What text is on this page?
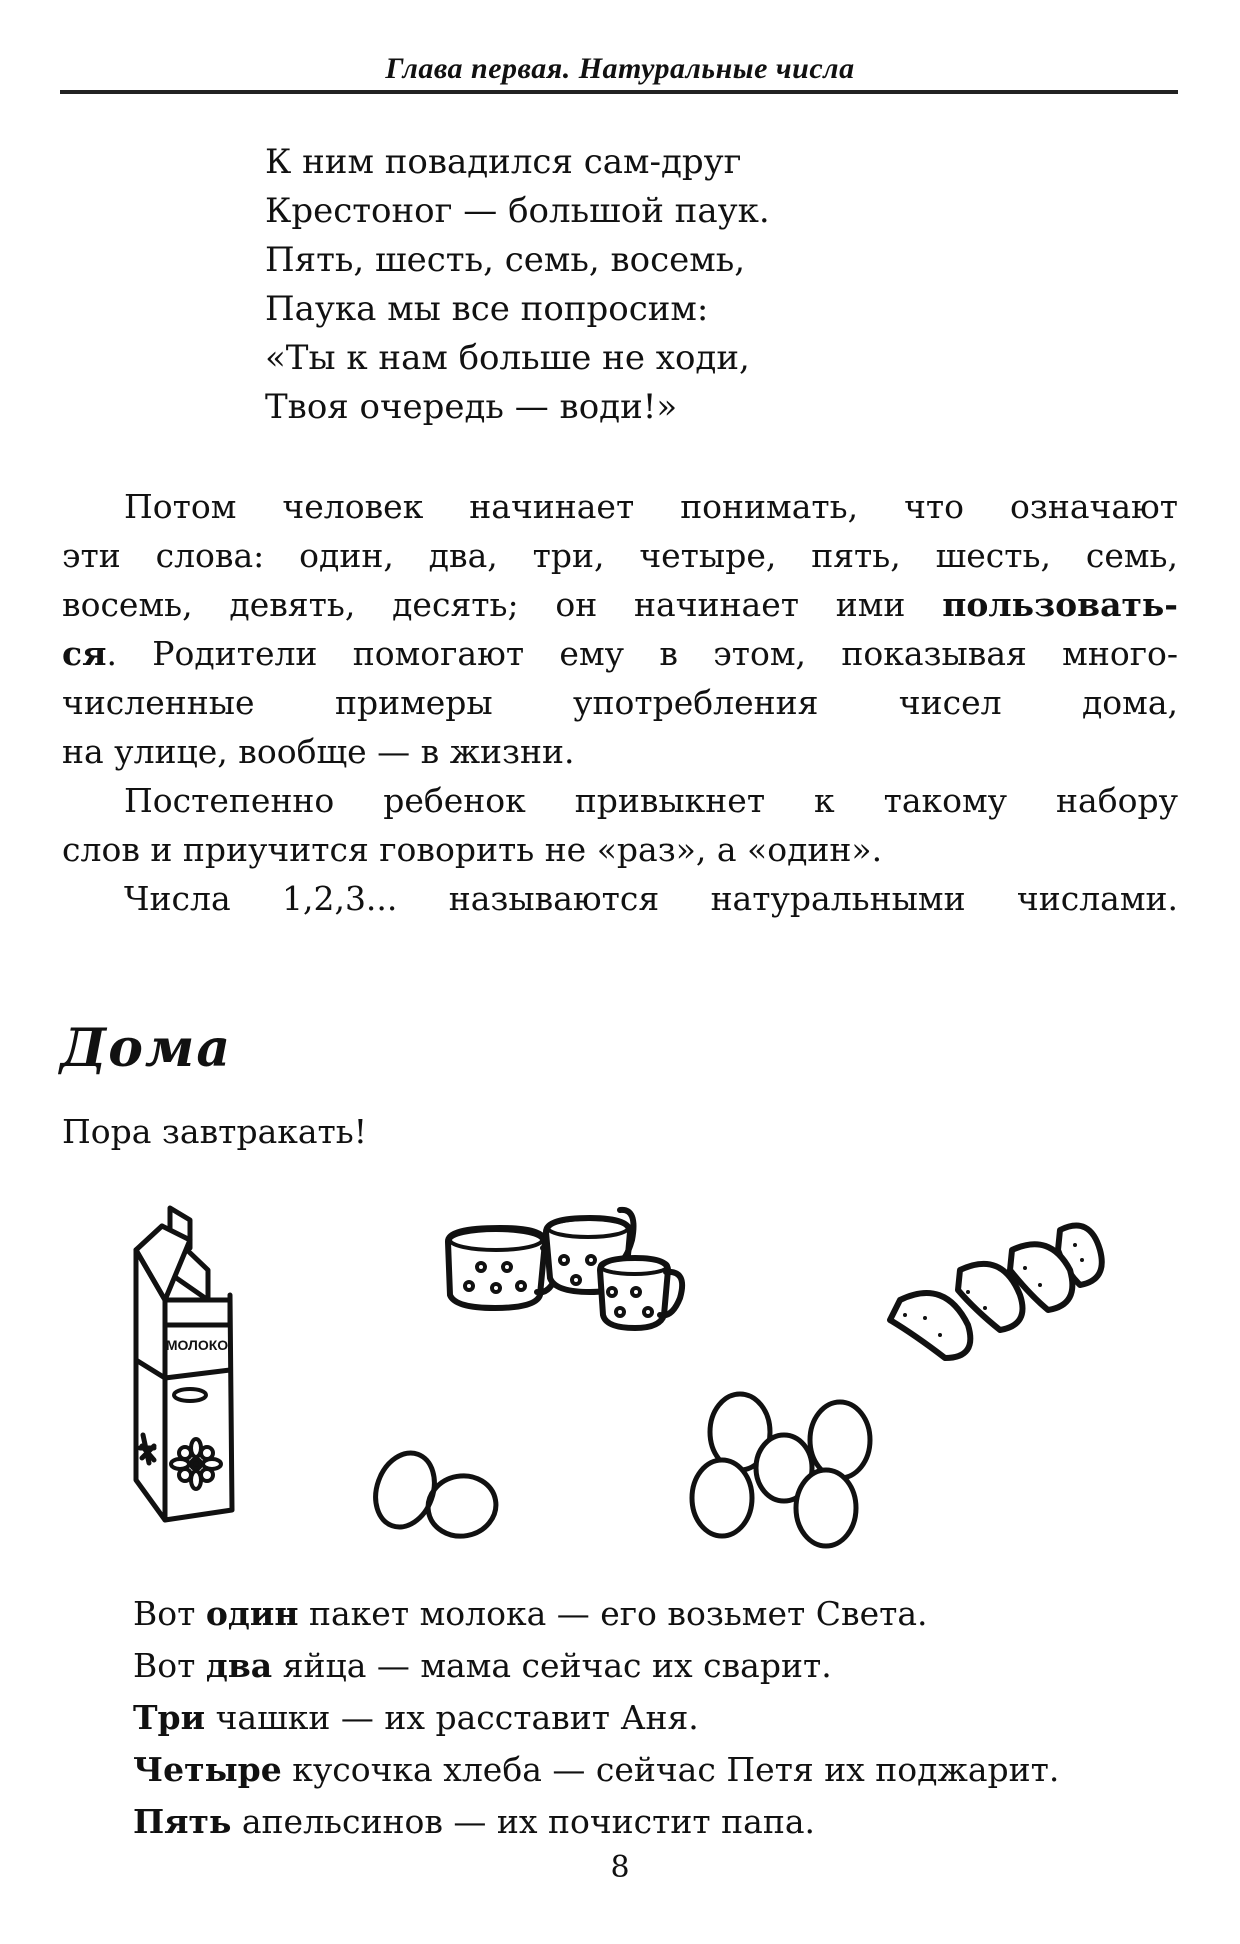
Глава первая. Натуральные числа
К ним повадился сам-друг
Крестоног — большой паук.
Пять, шесть, семь, восемь,
Паука мы все попросим:
«Ты к нам больше не ходи,
Твоя очередь — води!»
Потом человек начинает понимать, что означают
эти слова: один, два, три, четыре, пять, шесть, семь,
восемь, девять, десять; он начинает ими пользовать-
ся. Родители помогают ему в этом, показывая много-
численные примеры употребления чисел дома,
на улице, вообще — в жизни.
Постепенно ребенок привыкнет к такому набору
слов и приучится говорить не «раз», а «один».
Числа 1,2,3... называются натуральными числами.
Дома
Пора завтракать!
МОЛОКО
Вот один пакет молока — его возьмет Света.
Вот два яйца — мама сейчас их сварит.
Три чашки — их расставит Аня.
Четыре кусочка хлеба — сейчас Петя их поджарит.
Пять апельсинов — их почистит папа.
8
